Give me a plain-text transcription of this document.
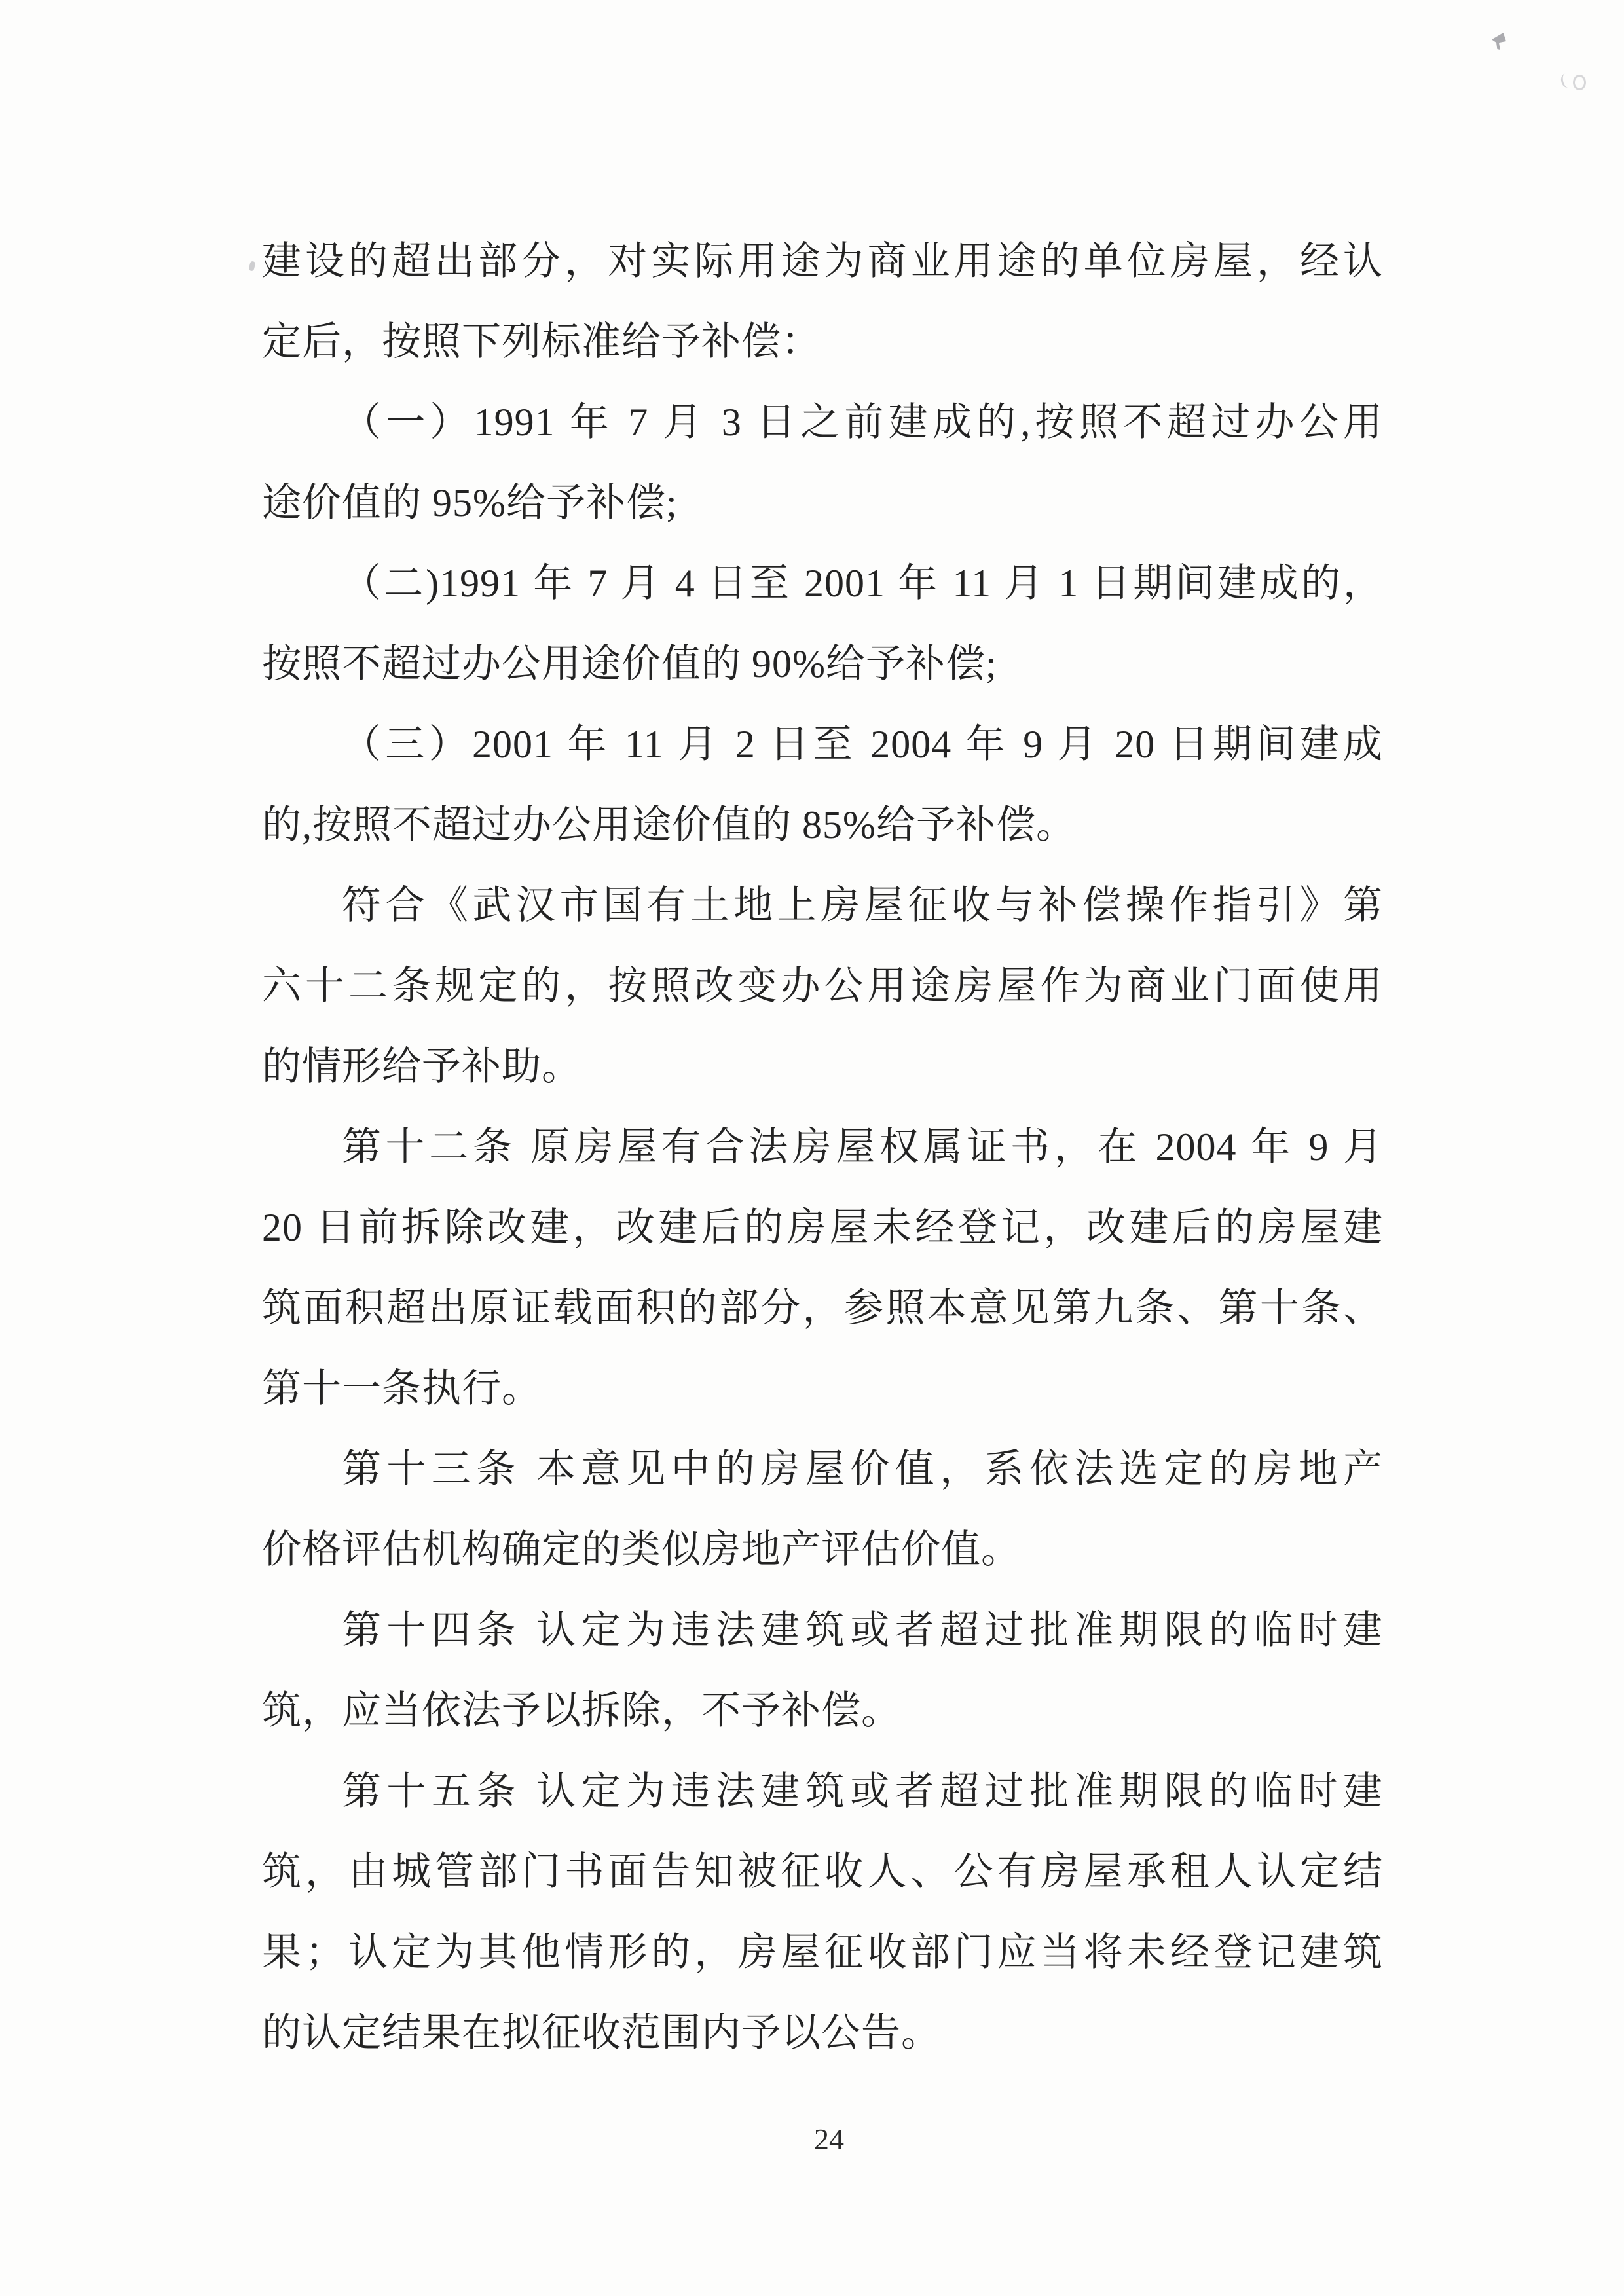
建设的超出部分，对实际用途为商业用途的单位房屋，经认
定后，按照下列标准给予补偿：
（一）1991 年 7 月 3 日之前建成的,按照不超过办公用
途价值的 95%给予补偿;
（二)1991 年 7 月 4 日至 2001 年 11 月 1 日期间建成的，
按照不超过办公用途价值的 90%给予补偿;
（三）2001 年 11 月 2 日至 2004 年 9 月 20 日期间建成
的,按照不超过办公用途价值的 85%给予补偿。
符合《武汉市国有土地上房屋征收与补偿操作指引》第
六十二条规定的，按照改变办公用途房屋作为商业门面使用
的情形给予补助。
第十二条 原房屋有合法房屋权属证书，在 2004 年 9 月
20 日前拆除改建，改建后的房屋未经登记，改建后的房屋建
筑面积超出原证载面积的部分，参照本意见第九条、第十条、
第十一条执行。
第十三条 本意见中的房屋价值，系依法选定的房地产
价格评估机构确定的类似房地产评估价值。
第十四条 认定为违法建筑或者超过批准期限的临时建
筑，应当依法予以拆除，不予补偿。
第十五条 认定为违法建筑或者超过批准期限的临时建
筑，由城管部门书面告知被征收人、公有房屋承租人认定结
果；认定为其他情形的，房屋征收部门应当将未经登记建筑
的认定结果在拟征收范围内予以公告。
24
